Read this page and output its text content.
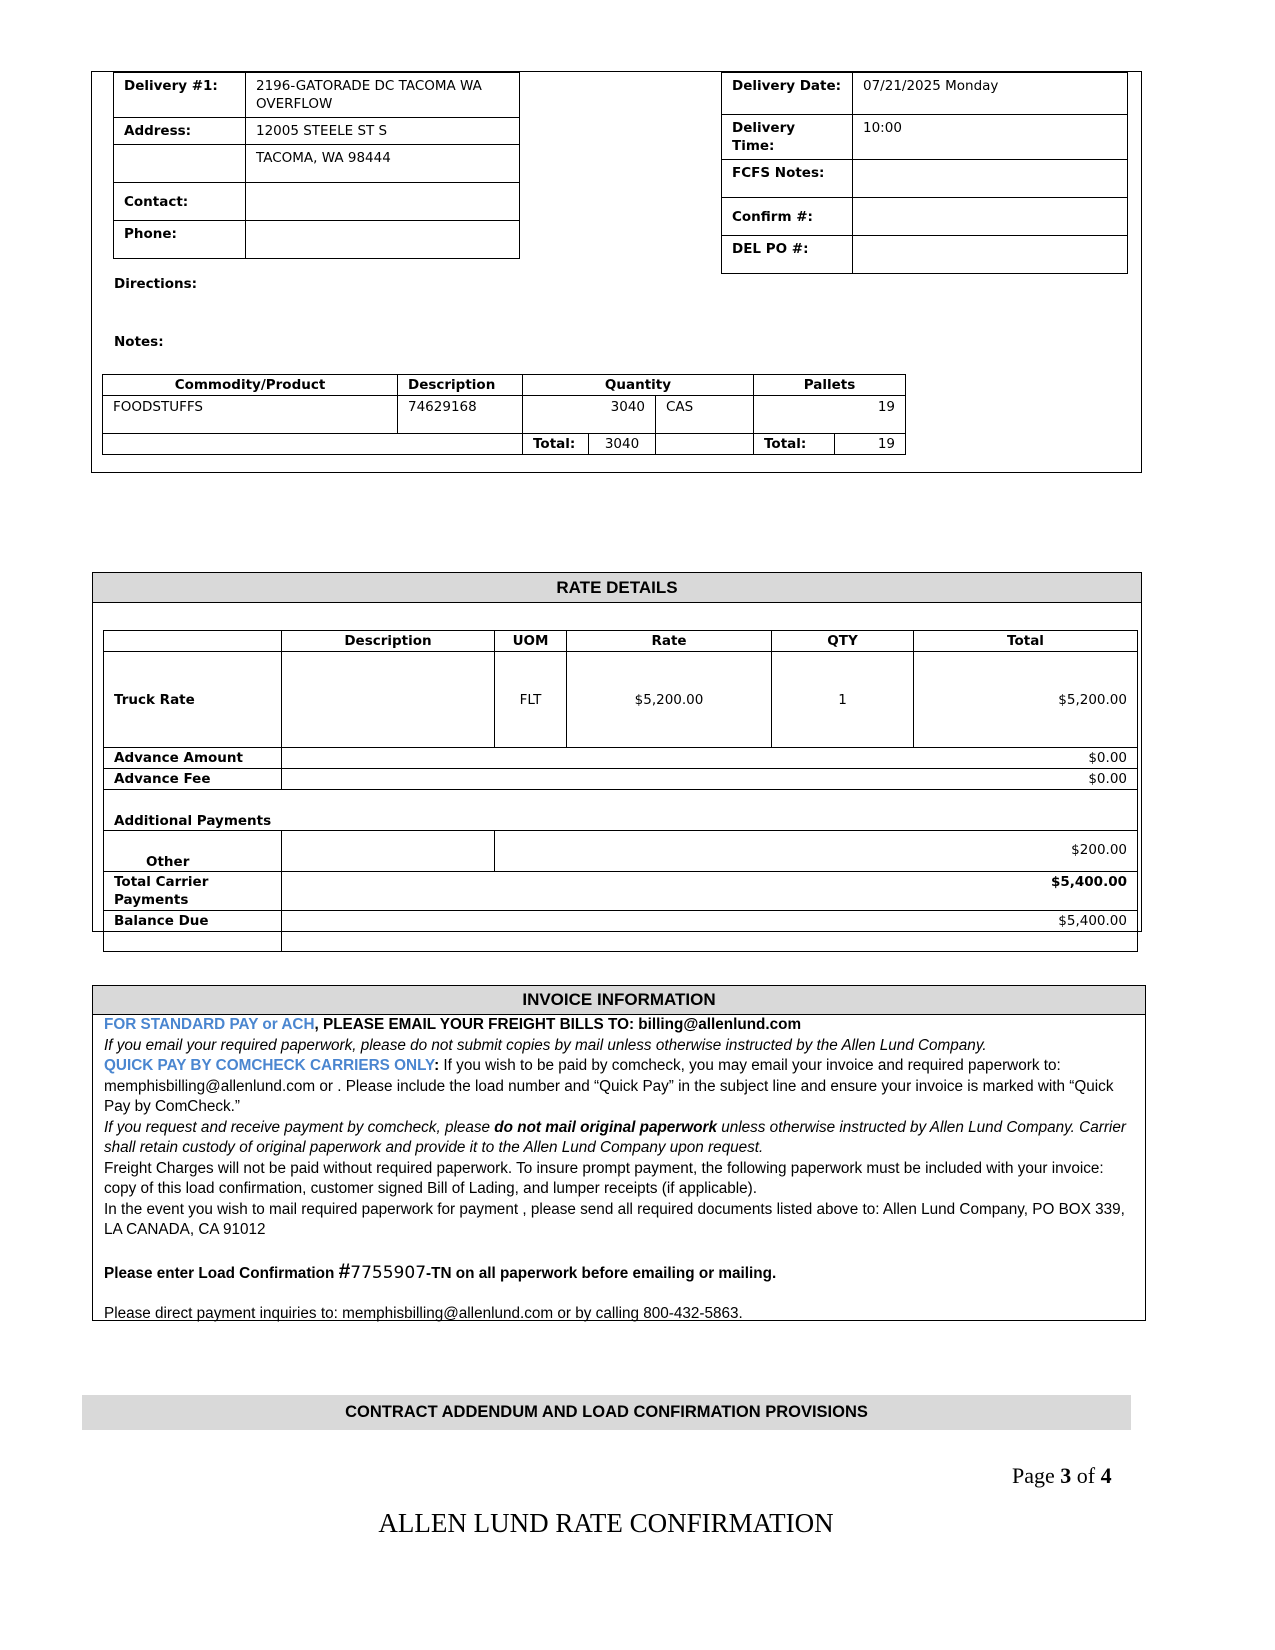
Delivery #1:	2196-GATORADE DC TACOMA WA OVERFLOW
Address:	12005 STEELE ST S
	TACOMA, WA 98444
Contact:	
Phone:	
Delivery Date:	07/21/2025 Monday
Delivery Time:	10:00
FCFS Notes:	
Confirm #:	
DEL PO #:	
Directions:
Notes:
Commodity/Product	Description	Quantity			Pallets	
FOODSTUFFS	74629168	3040		CAS	19	
		Total:	3040		Total:	19
RATE DETAILS
	Description	UOM	Rate	QTY	Total
Truck Rate		FLT	$5,200.00	1	$5,200.00
Advance Amount	$0.00				
Advance Fee	$0.00				
Additional Payments					
Other		$200.00			
Total Carrier Payments	$5,400.00				
Balance Due	$5,400.00				

INVOICE INFORMATION
FOR STANDARD PAY or ACH, PLEASE EMAIL YOUR FREIGHT BILLS TO: billing@allenlund.com
If you email your required paperwork, please do not submit copies by mail unless otherwise instructed by the Allen Lund Company.
QUICK PAY BY COMCHECK CARRIERS ONLY: If you wish to be paid by comcheck, you may email your invoice and required paperwork to: memphisbilling@allenlund.com or . Please include the load number and “Quick Pay” in the subject line and ensure your invoice is marked with “Quick Pay by ComCheck.”
If you request and receive payment by comcheck, please do not mail original paperwork unless otherwise instructed by Allen Lund Company. Carrier shall retain custody of original paperwork and provide it to the Allen Lund Company upon request.
Freight Charges will not be paid without required paperwork. To insure prompt payment, the following paperwork must be included with your invoice: copy of this load confirmation, customer signed Bill of Lading, and lumper receipts (if applicable).
In the event you wish to mail required paperwork for payment , please send all required documents listed above to: Allen Lund Company, PO BOX 339, LA CANADA, CA 91012
Please enter Load Confirmation #7755907-TN on all paperwork before emailing or mailing.
Please direct payment inquiries to: memphisbilling@allenlund.com or by calling 800-432-5863.
CONTRACT ADDENDUM AND LOAD CONFIRMATION PROVISIONS
Page 3 of 4
ALLEN LUND RATE CONFIRMATION
